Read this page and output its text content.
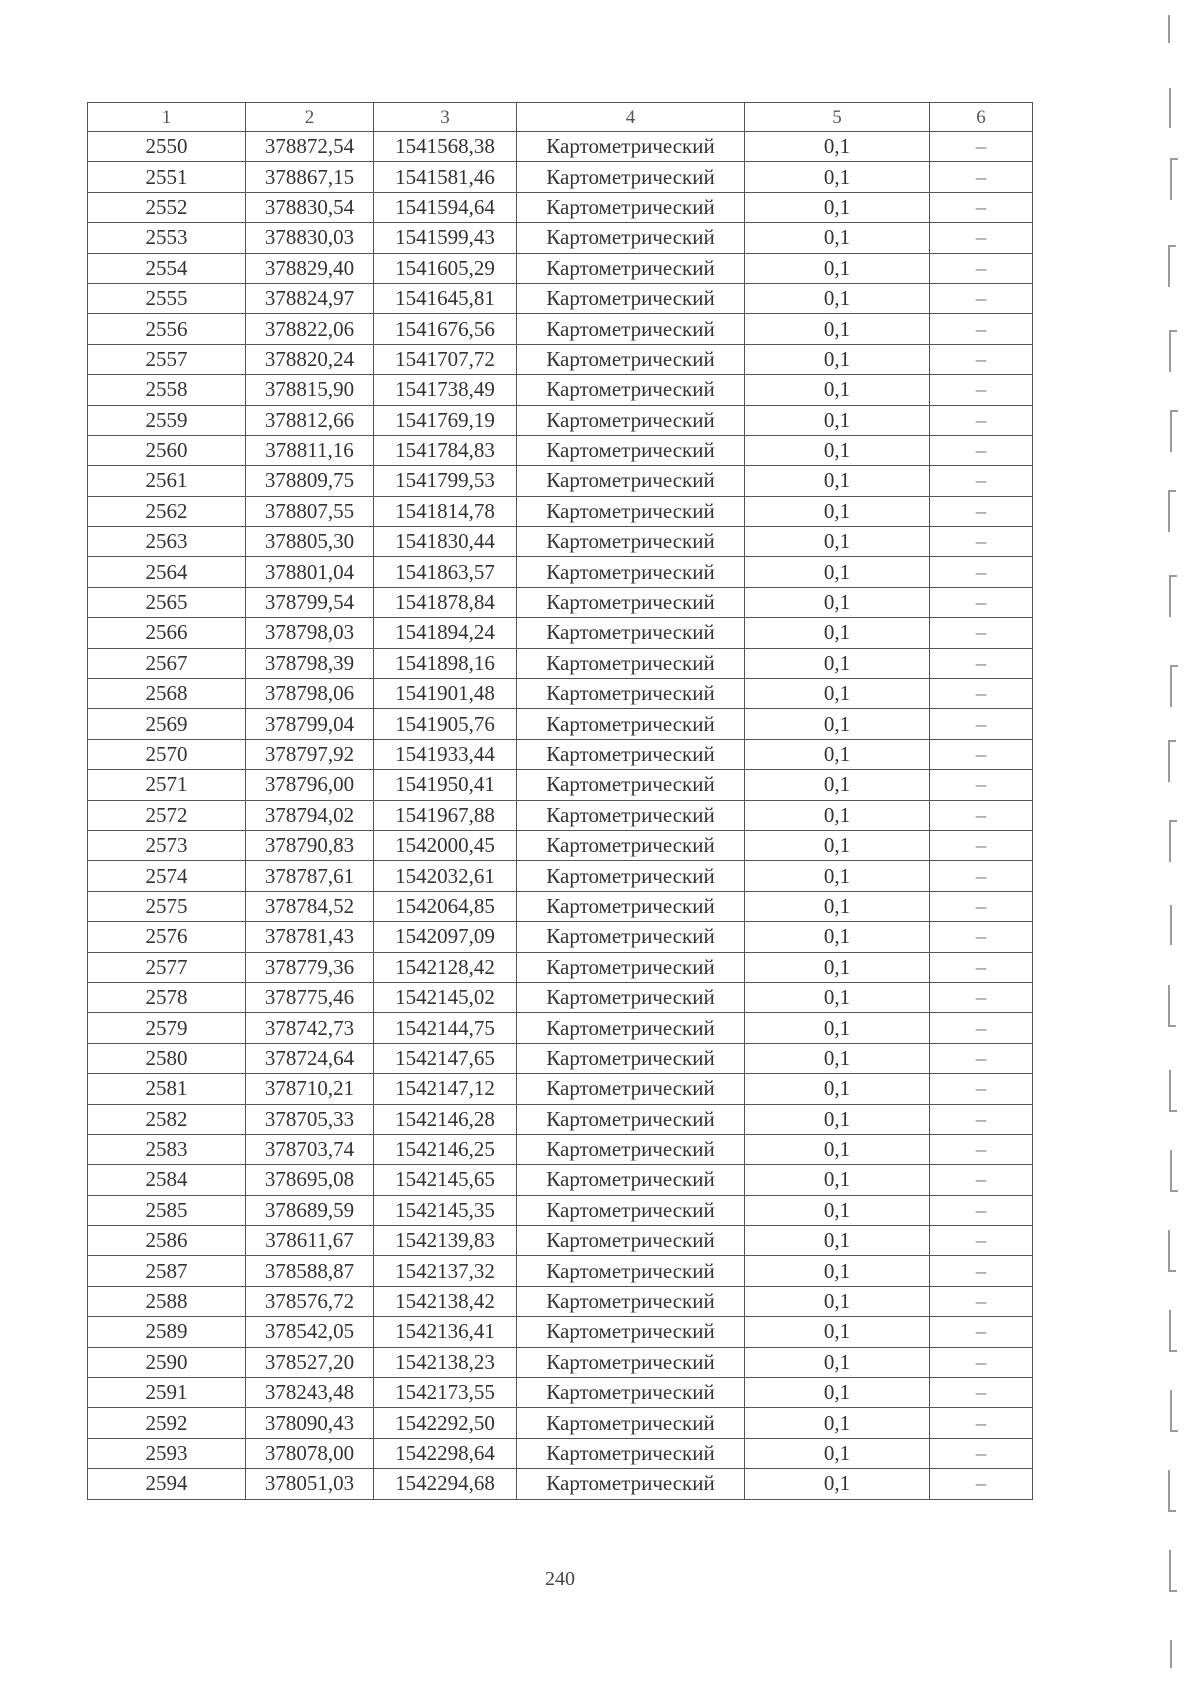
1	2	3	4	5	6
2550	378872,54	1541568,38	Картометрический	0,1	–
2551	378867,15	1541581,46	Картометрический	0,1	–
2552	378830,54	1541594,64	Картометрический	0,1	–
2553	378830,03	1541599,43	Картометрический	0,1	–
2554	378829,40	1541605,29	Картометрический	0,1	–
2555	378824,97	1541645,81	Картометрический	0,1	–
2556	378822,06	1541676,56	Картометрический	0,1	–
2557	378820,24	1541707,72	Картометрический	0,1	–
2558	378815,90	1541738,49	Картометрический	0,1	–
2559	378812,66	1541769,19	Картометрический	0,1	–
2560	378811,16	1541784,83	Картометрический	0,1	–
2561	378809,75	1541799,53	Картометрический	0,1	–
2562	378807,55	1541814,78	Картометрический	0,1	–
2563	378805,30	1541830,44	Картометрический	0,1	–
2564	378801,04	1541863,57	Картометрический	0,1	–
2565	378799,54	1541878,84	Картометрический	0,1	–
2566	378798,03	1541894,24	Картометрический	0,1	–
2567	378798,39	1541898,16	Картометрический	0,1	–
2568	378798,06	1541901,48	Картометрический	0,1	–
2569	378799,04	1541905,76	Картометрический	0,1	–
2570	378797,92	1541933,44	Картометрический	0,1	–
2571	378796,00	1541950,41	Картометрический	0,1	–
2572	378794,02	1541967,88	Картометрический	0,1	–
2573	378790,83	1542000,45	Картометрический	0,1	–
2574	378787,61	1542032,61	Картометрический	0,1	–
2575	378784,52	1542064,85	Картометрический	0,1	–
2576	378781,43	1542097,09	Картометрический	0,1	–
2577	378779,36	1542128,42	Картометрический	0,1	–
2578	378775,46	1542145,02	Картометрический	0,1	–
2579	378742,73	1542144,75	Картометрический	0,1	–
2580	378724,64	1542147,65	Картометрический	0,1	–
2581	378710,21	1542147,12	Картометрический	0,1	–
2582	378705,33	1542146,28	Картометрический	0,1	–
2583	378703,74	1542146,25	Картометрический	0,1	–
2584	378695,08	1542145,65	Картометрический	0,1	–
2585	378689,59	1542145,35	Картометрический	0,1	–
2586	378611,67	1542139,83	Картометрический	0,1	–
2587	378588,87	1542137,32	Картометрический	0,1	–
2588	378576,72	1542138,42	Картометрический	0,1	–
2589	378542,05	1542136,41	Картометрический	0,1	–
2590	378527,20	1542138,23	Картометрический	0,1	–
2591	378243,48	1542173,55	Картометрический	0,1	–
2592	378090,43	1542292,50	Картометрический	0,1	–
2593	378078,00	1542298,64	Картометрический	0,1	–
2594	378051,03	1542294,68	Картометрический	0,1	–
240
